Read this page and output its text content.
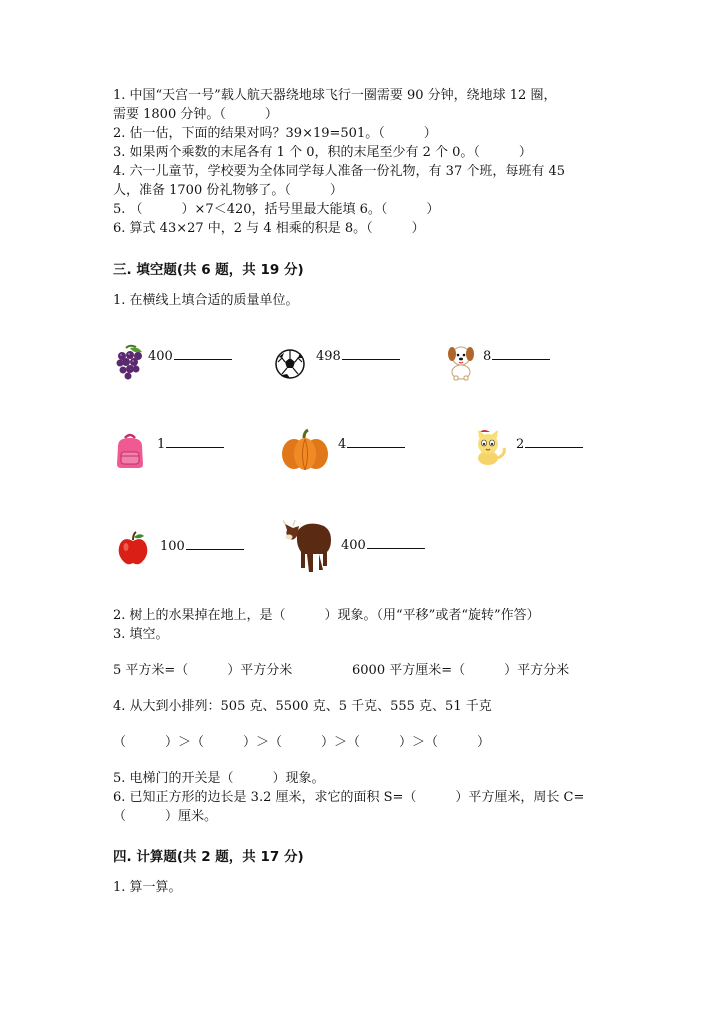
1. 中国“天宫一号”载人航天器绕地球飞行一圈需要 90 分钟，绕地球 12 圈，
需要 1800 分钟。（　　　）
2. 估一估，下面的结果对吗？39×19=501。（　　　）
3. 如果两个乘数的末尾各有 1 个 0，积的末尾至少有 2 个 0。（　　　）
4. 六一儿童节，学校要为全体同学每人准备一份礼物，有 37 个班，每班有 45
人，准备 1700 份礼物够了。（　　　）
5. （　　　）×7＜420，括号里最大能填 6。（　　　）
6. 算式 43×27 中，2 与 4 相乘的积是 8。（　　　）
三. 填空题(共 6 题，共 19 分)
1. 在横线上填合适的质量单位。
400	498	8
1	4	2
100	400
2. 树上的水果掉在地上，是（　　　）现象。（用“平移”或者“旋转”作答）
3. 填空。
5 平方米=（　　　）平方分米	6000 平方厘米=（　　　）平方分米
4. 从大到小排列：505 克、5500 克、5 千克、555 克、51 千克
（　　　）＞（　　　）＞（　　　）＞（　　　）＞（　　　）
5. 电梯门的开关是（　　　）现象。
6. 已知正方形的边长是 3.2 厘米，求它的面积 S=（　　　）平方厘米，周长 C=
（　　　）厘米。
四. 计算题(共 2 题，共 17 分)
1. 算一算。
